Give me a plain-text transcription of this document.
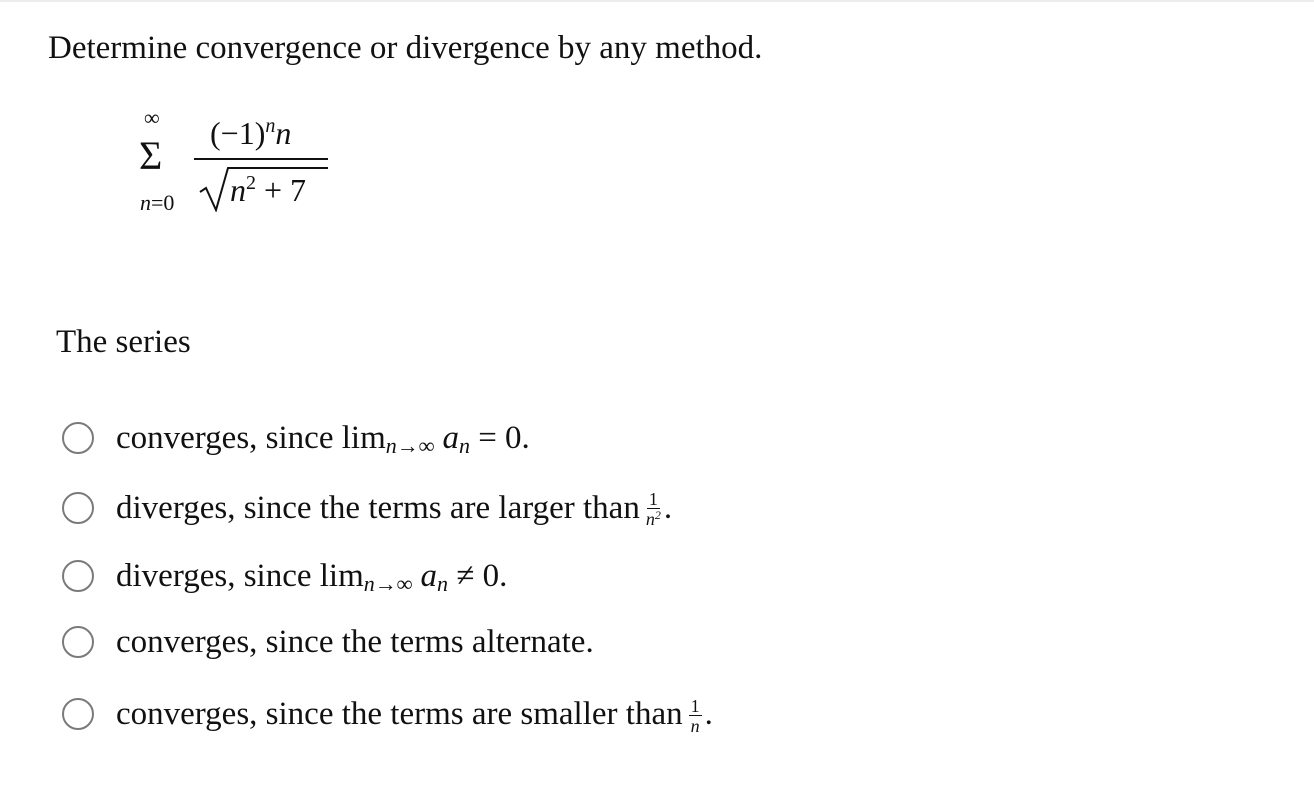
Determine convergence or divergence by any method.
∞
Σ
n=0
$(-1)^nn$
$n^2 + 7$
The series
converges, since lim n→∞ a n = 0.
diverges, since the terms are larger than $\frac{1}{n^2}$ .
diverges, since lim n→∞ a n ≠ 0.
converges, since the terms alternate.
converges, since the terms are smaller than $\frac{1}{n}$ .
